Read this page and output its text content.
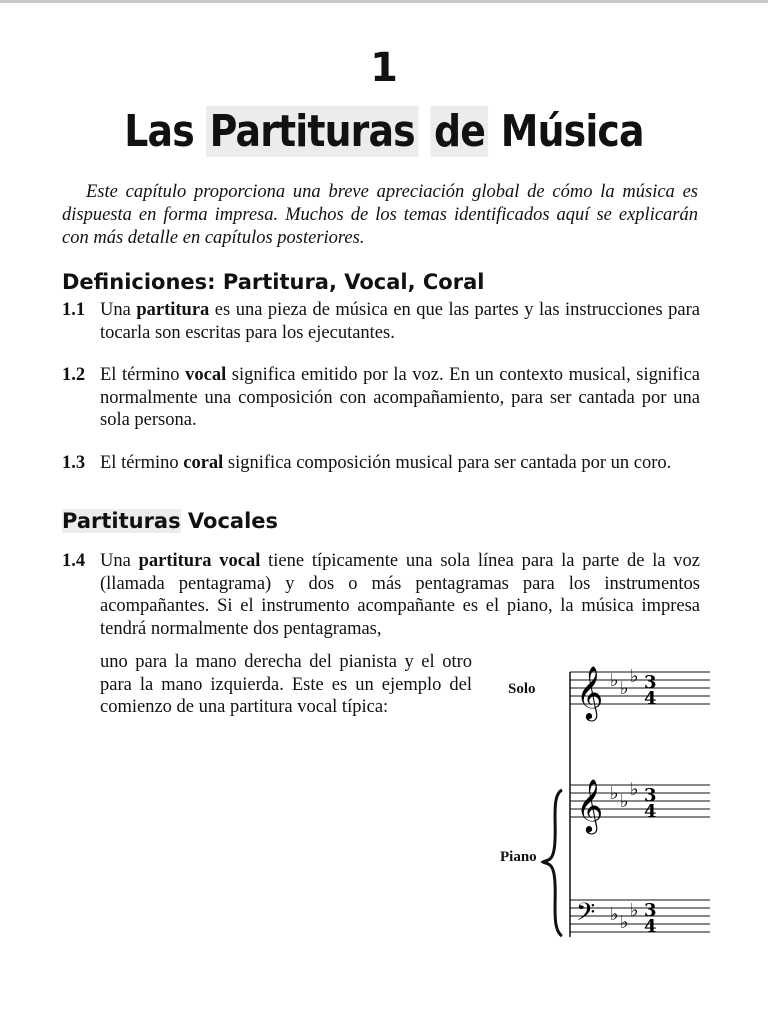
1
Las Partituras de Música
Este capítulo proporciona una breve apreciación global de cómo la música es dispuesta en forma impresa. Muchos de los temas identificados aquí se explicarán con más detalle en capítulos posteriores.
Definiciones: Partitura, Vocal, Coral
1.1 Una partitura es una pieza de música en que las partes y las instrucciones para tocarla son escritas para los ejecutantes.
1.2 El término vocal significa emitido por la voz. En un contexto musical, significa normalmente una composición con acompañamiento, para ser cantada por una sola persona.
1.3 El término coral significa composición musical para ser cantada por un coro.
Partituras Vocales
1.4 Una partitura vocal tiene típicamente una sola línea para la parte de la voz (llamada pentagrama) y dos o más pentagramas para los instrumentos acompañantes. Si el instrumento acompañante es el piano, la música impresa tendrá normalmente dos pentagramas,
uno para la mano derecha del pianista y el otro para la mano izquierda. Este es un ejemplo del comienzo de una partitura vocal típica:
Solo
Piano
𝄞 ♭ ♭
♭ 3
4
𝄞 ♭ ♭
♭ 3
4
𝄢 ♭ ♭
♭ 3
4
